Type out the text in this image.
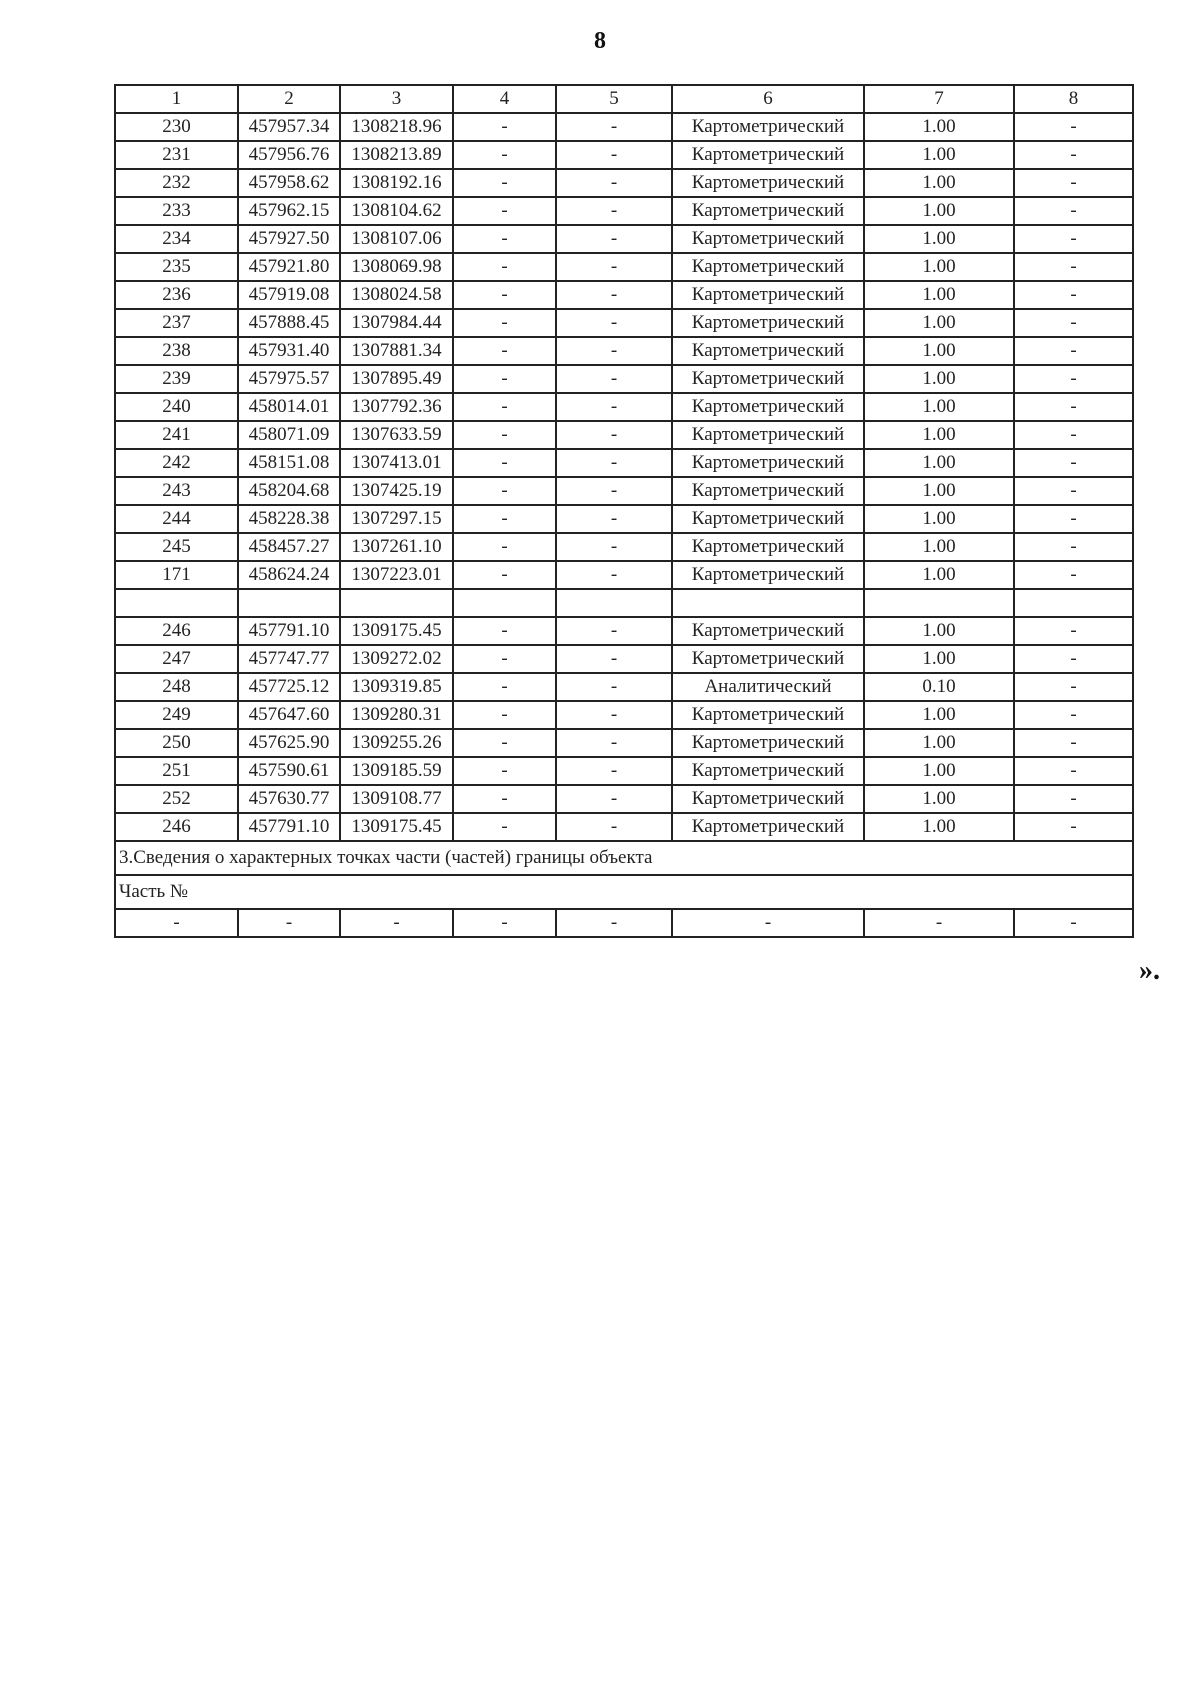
8
1	2	3	4	5	6	7	8
230	457957.34	1308218.96	-	-	Картометрический	1.00	-
231	457956.76	1308213.89	-	-	Картометрический	1.00	-
232	457958.62	1308192.16	-	-	Картометрический	1.00	-
233	457962.15	1308104.62	-	-	Картометрический	1.00	-
234	457927.50	1308107.06	-	-	Картометрический	1.00	-
235	457921.80	1308069.98	-	-	Картометрический	1.00	-
236	457919.08	1308024.58	-	-	Картометрический	1.00	-
237	457888.45	1307984.44	-	-	Картометрический	1.00	-
238	457931.40	1307881.34	-	-	Картометрический	1.00	-
239	457975.57	1307895.49	-	-	Картометрический	1.00	-
240	458014.01	1307792.36	-	-	Картометрический	1.00	-
241	458071.09	1307633.59	-	-	Картометрический	1.00	-
242	458151.08	1307413.01	-	-	Картометрический	1.00	-
243	458204.68	1307425.19	-	-	Картометрический	1.00	-
244	458228.38	1307297.15	-	-	Картометрический	1.00	-
245	458457.27	1307261.10	-	-	Картометрический	1.00	-
171	458624.24	1307223.01	-	-	Картометрический	1.00	-

246	457791.10	1309175.45	-	-	Картометрический	1.00	-
247	457747.77	1309272.02	-	-	Картометрический	1.00	-
248	457725.12	1309319.85	-	-	Аналитический	0.10	-
249	457647.60	1309280.31	-	-	Картометрический	1.00	-
250	457625.90	1309255.26	-	-	Картометрический	1.00	-
251	457590.61	1309185.59	-	-	Картометрический	1.00	-
252	457630.77	1309108.77	-	-	Картометрический	1.00	-
246	457791.10	1309175.45	-	-	Картометрический	1.00	-
3.Сведения о характерных точках части (частей) границы объекта							
Часть №							
-	-	-	-	-	-	-	-
».
